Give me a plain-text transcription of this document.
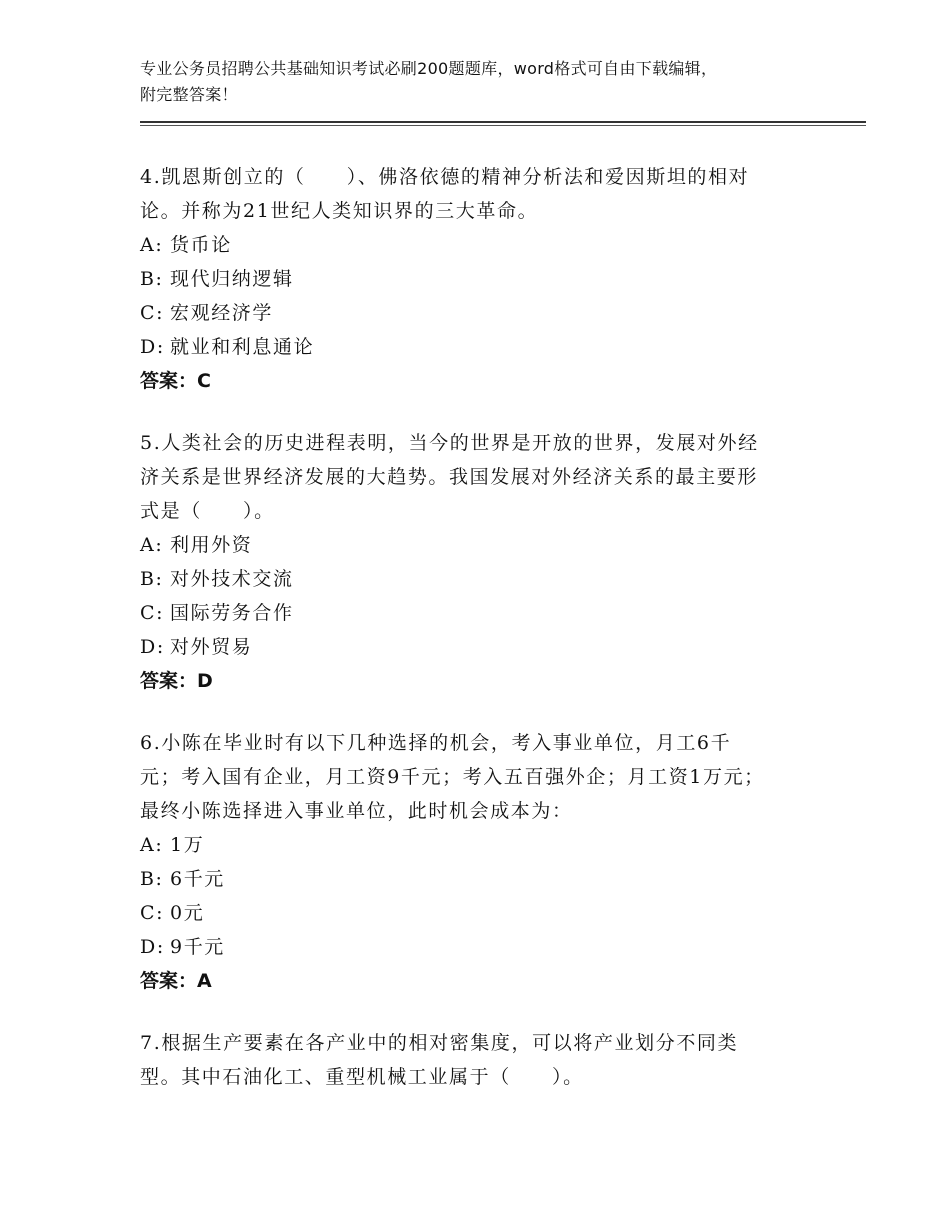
专业公务员招聘公共基础知识考试必刷200题题库，word格式可自由下载编辑，
附完整答案！
4.凯恩斯创立的（　　）、佛洛依德的精神分析法和爱因斯坦的相对
论。并称为21世纪人类知识界的三大革命。
A: 货币论
B: 现代归纳逻辑
C: 宏观经济学
D: 就业和利息通论
答案：C
5.人类社会的历史进程表明，当今的世界是开放的世界，发展对外经
济关系是世界经济发展的大趋势。我国发展对外经济关系的最主要形
式是（　　）。
A: 利用外资
B: 对外技术交流
C: 国际劳务合作
D: 对外贸易
答案：D
6.小陈在毕业时有以下几种选择的机会，考入事业单位，月工6千
元；考入国有企业，月工资9千元；考入五百强外企；月工资1万元；
最终小陈选择进入事业单位，此时机会成本为：
A: 1万
B: 6千元
C: 0元
D: 9千元
答案：A
7.根据生产要素在各产业中的相对密集度，可以将产业划分不同类
型。其中石油化工、重型机械工业属于（　　）。
